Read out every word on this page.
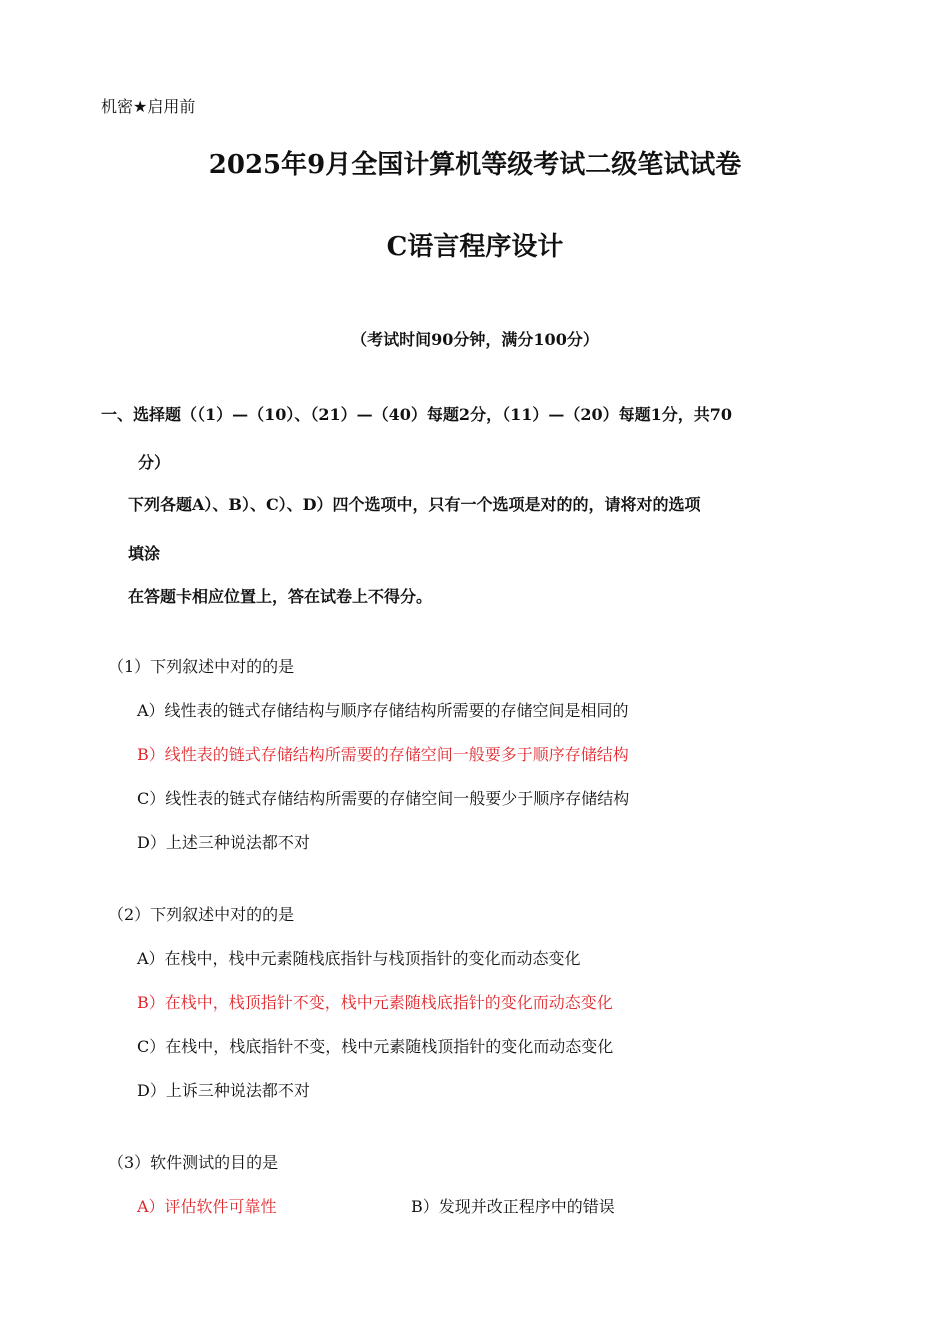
机密★启用前
2025年9月全国计算机等级考试二级笔试试卷
C语言程序设计
（考试时间90分钟，满分100分）
一、选择题（（1）—（10）、（21）—（40）每题2分，（11）—（20）每题1分，共70
分）
下列各题A）、B）、C）、D）四个选项中，只有一个选项是对的的，请将对的选项
填涂
在答题卡相应位置上，答在试卷上不得分。
（1）下列叙述中对的的是
A）线性表的链式存储结构与顺序存储结构所需要的存储空间是相同的
B）线性表的链式存储结构所需要的存储空间一般要多于顺序存储结构
C）线性表的链式存储结构所需要的存储空间一般要少于顺序存储结构
D）上述三种说法都不对
（2）下列叙述中对的的是
A）在栈中，栈中元素随栈底指针与栈顶指针的变化而动态变化
B）在栈中，栈顶指针不变，栈中元素随栈底指针的变化而动态变化
C）在栈中，栈底指针不变，栈中元素随栈顶指针的变化而动态变化
D）上诉三种说法都不对
（3）软件测试的目的是
A）评估软件可靠性	B）发现并改正程序中的错误
